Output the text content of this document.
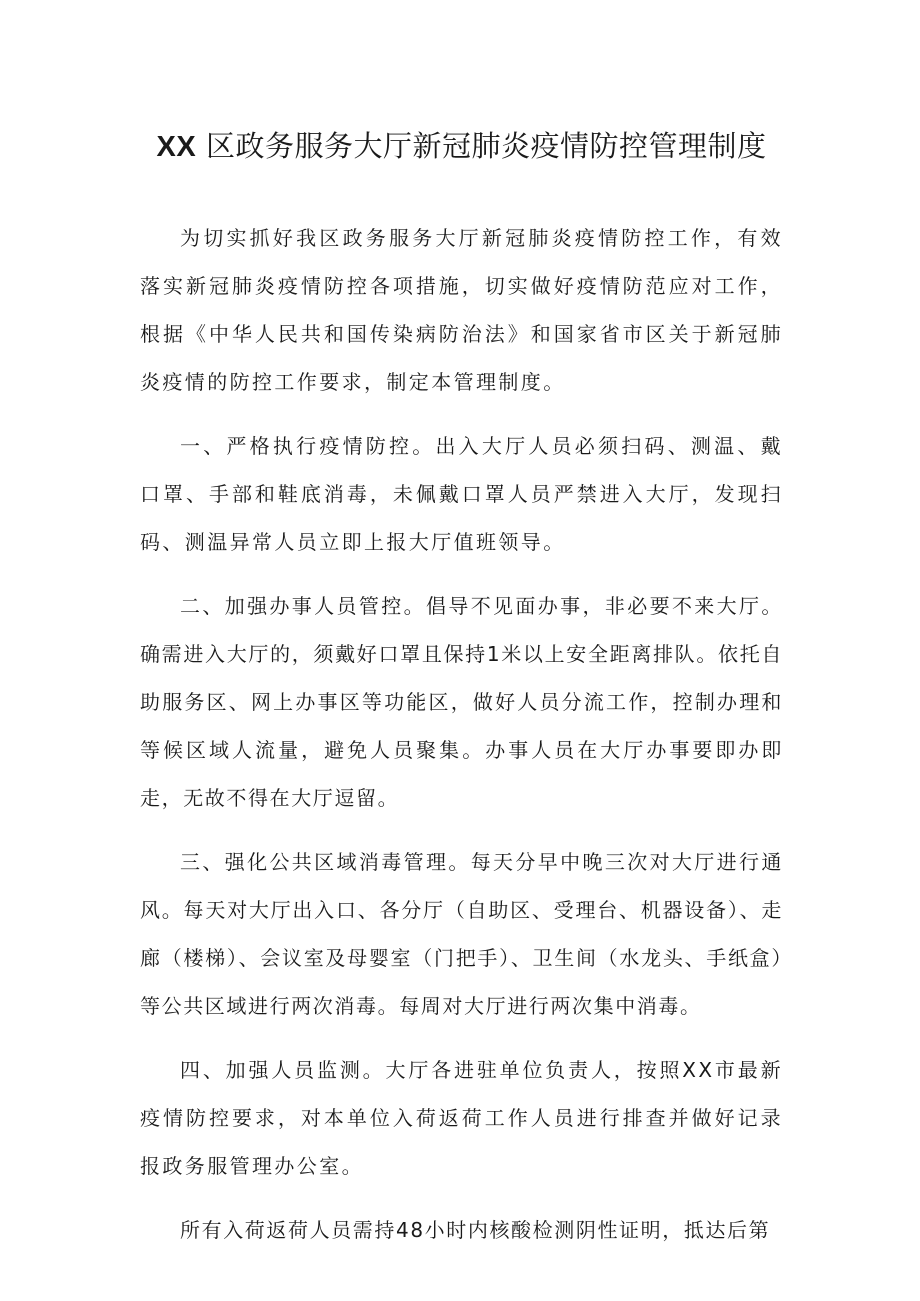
XX 区政务服务大厅新冠肺炎疫情防控管理制度

为切实抓好我区政务服务大厅新冠肺炎疫情防控工作，有效落实新冠肺炎疫情防控各项措施，切实做好疫情防范应对工作，根据《中华人民共和国传染病防治法》和国家省市区关于新冠肺炎疫情的防控工作要求，制定本管理制度。

一、严格执行疫情防控。出入大厅人员必须扫码、测温、戴口罩、手部和鞋底消毒，未佩戴口罩人员严禁进入大厅，发现扫码、测温异常人员立即上报大厅值班领导。

二、加强办事人员管控。倡导不见面办事，非必要不来大厅。确需进入大厅的，须戴好口罩且保持1米以上安全距离排队。依托自助服务区、网上办事区等功能区，做好人员分流工作，控制办理和等候区域人流量，避免人员聚集。办事人员在大厅办事要即办即走，无故不得在大厅逗留。

三、强化公共区域消毒管理。每天分早中晚三次对大厅进行通风。每天对大厅出入口、各分厅（自助区、受理台、机器设备）、走廊（楼梯）、会议室及母婴室（门把手）、卫生间（水龙头、手纸盒）等公共区域进行两次消毒。每周对大厅进行两次集中消毒。

四、加强人员监测。大厅各进驻单位负责人，按照XX市最新疫情防控要求，对本单位入荷返荷工作人员进行排查并做好记录报政务服管理办公室。

所有入荷返荷人员需持48小时内核酸检测阴性证明，抵达后第
